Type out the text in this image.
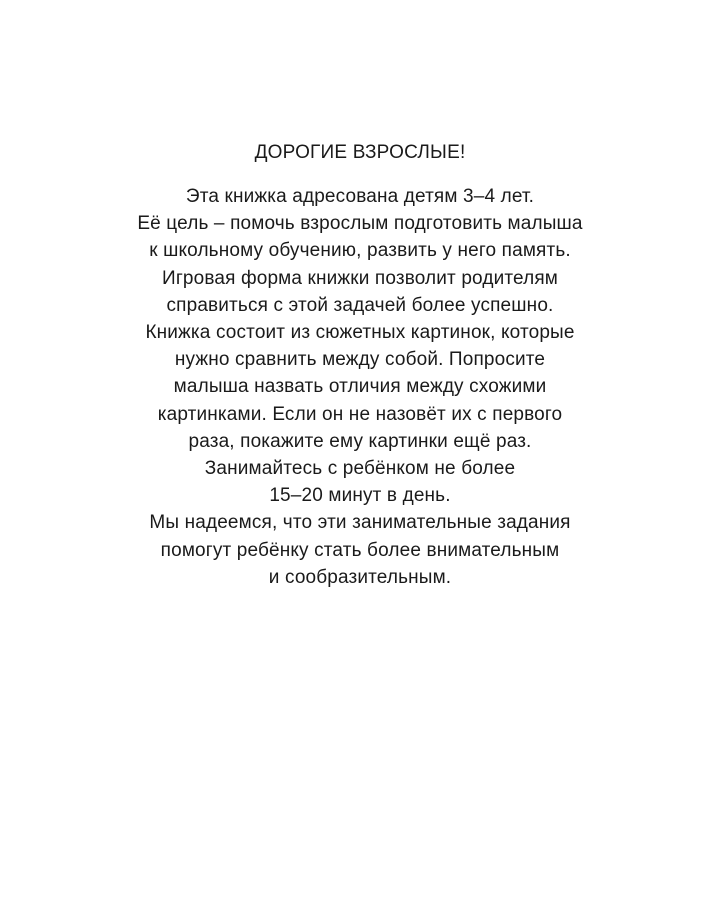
ДОРОГИЕ ВЗРОСЛЫЕ!
Эта книжка адресована детям 3–4 лет.
Её цель – помочь взрослым подготовить малыша
к школьному обучению, развить у него память.
Игровая форма книжки позволит родителям
справиться с этой задачей более успешно.
Книжка состоит из сюжетных картинок, которые
нужно сравнить между собой. Попросите
малыша назвать отличия между схожими
картинками. Если он не назовёт их с первого
раза, покажите ему картинки ещё раз.
Занимайтесь с ребёнком не более
15–20 минут в день.
Мы надеемся, что эти занимательные задания
помогут ребёнку стать более внимательным
и сообразительным.
